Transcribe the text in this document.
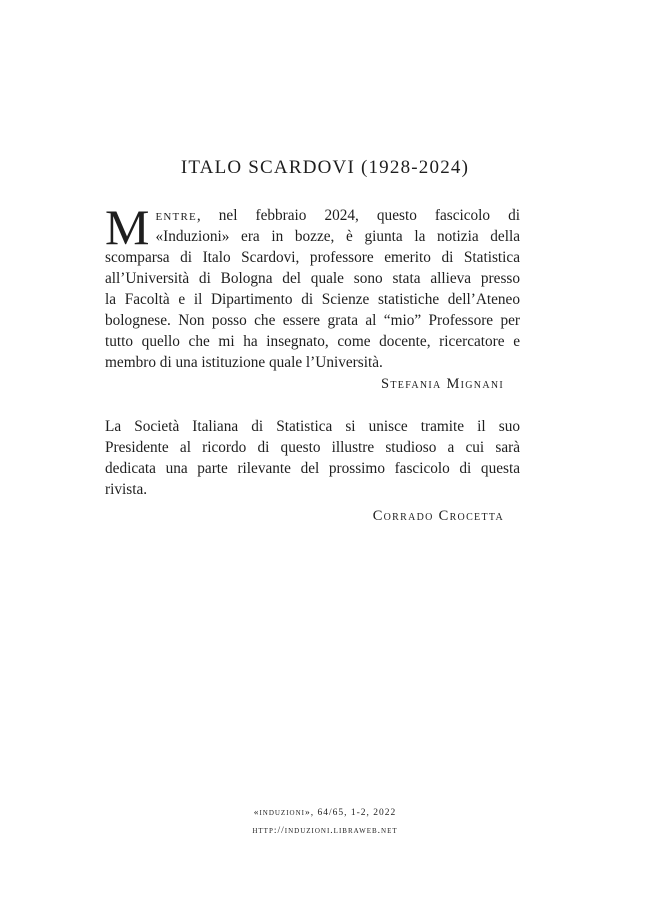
ITALO SCARDOVI (1928-2024)
M entre, nel febbraio 2024, questo fascicolo di
«Induzioni» era in bozze, è giunta la notizia della
scomparsa di Italo Scardovi, professore emerito di Statistica
all’Università di Bologna del quale sono stata allieva presso
la Facoltà e il Dipartimento di Scienze statistiche dell’Ateneo
bolognese. Non posso che essere grata al “mio” Professore per
tutto quello che mi ha insegnato, come docente, ricercatore e
membro di una istituzione quale l’Università.
Stefania Mignani
La Società Italiana di Statistica si unisce tramite il suo
Presidente al ricordo di questo illustre studioso a cui sarà
dedicata una parte rilevante del prossimo fascicolo di questa
rivista.
Corrado Crocetta
«induzioni», 64/65, 1-2, 2022
http://induzioni.libraweb.net
